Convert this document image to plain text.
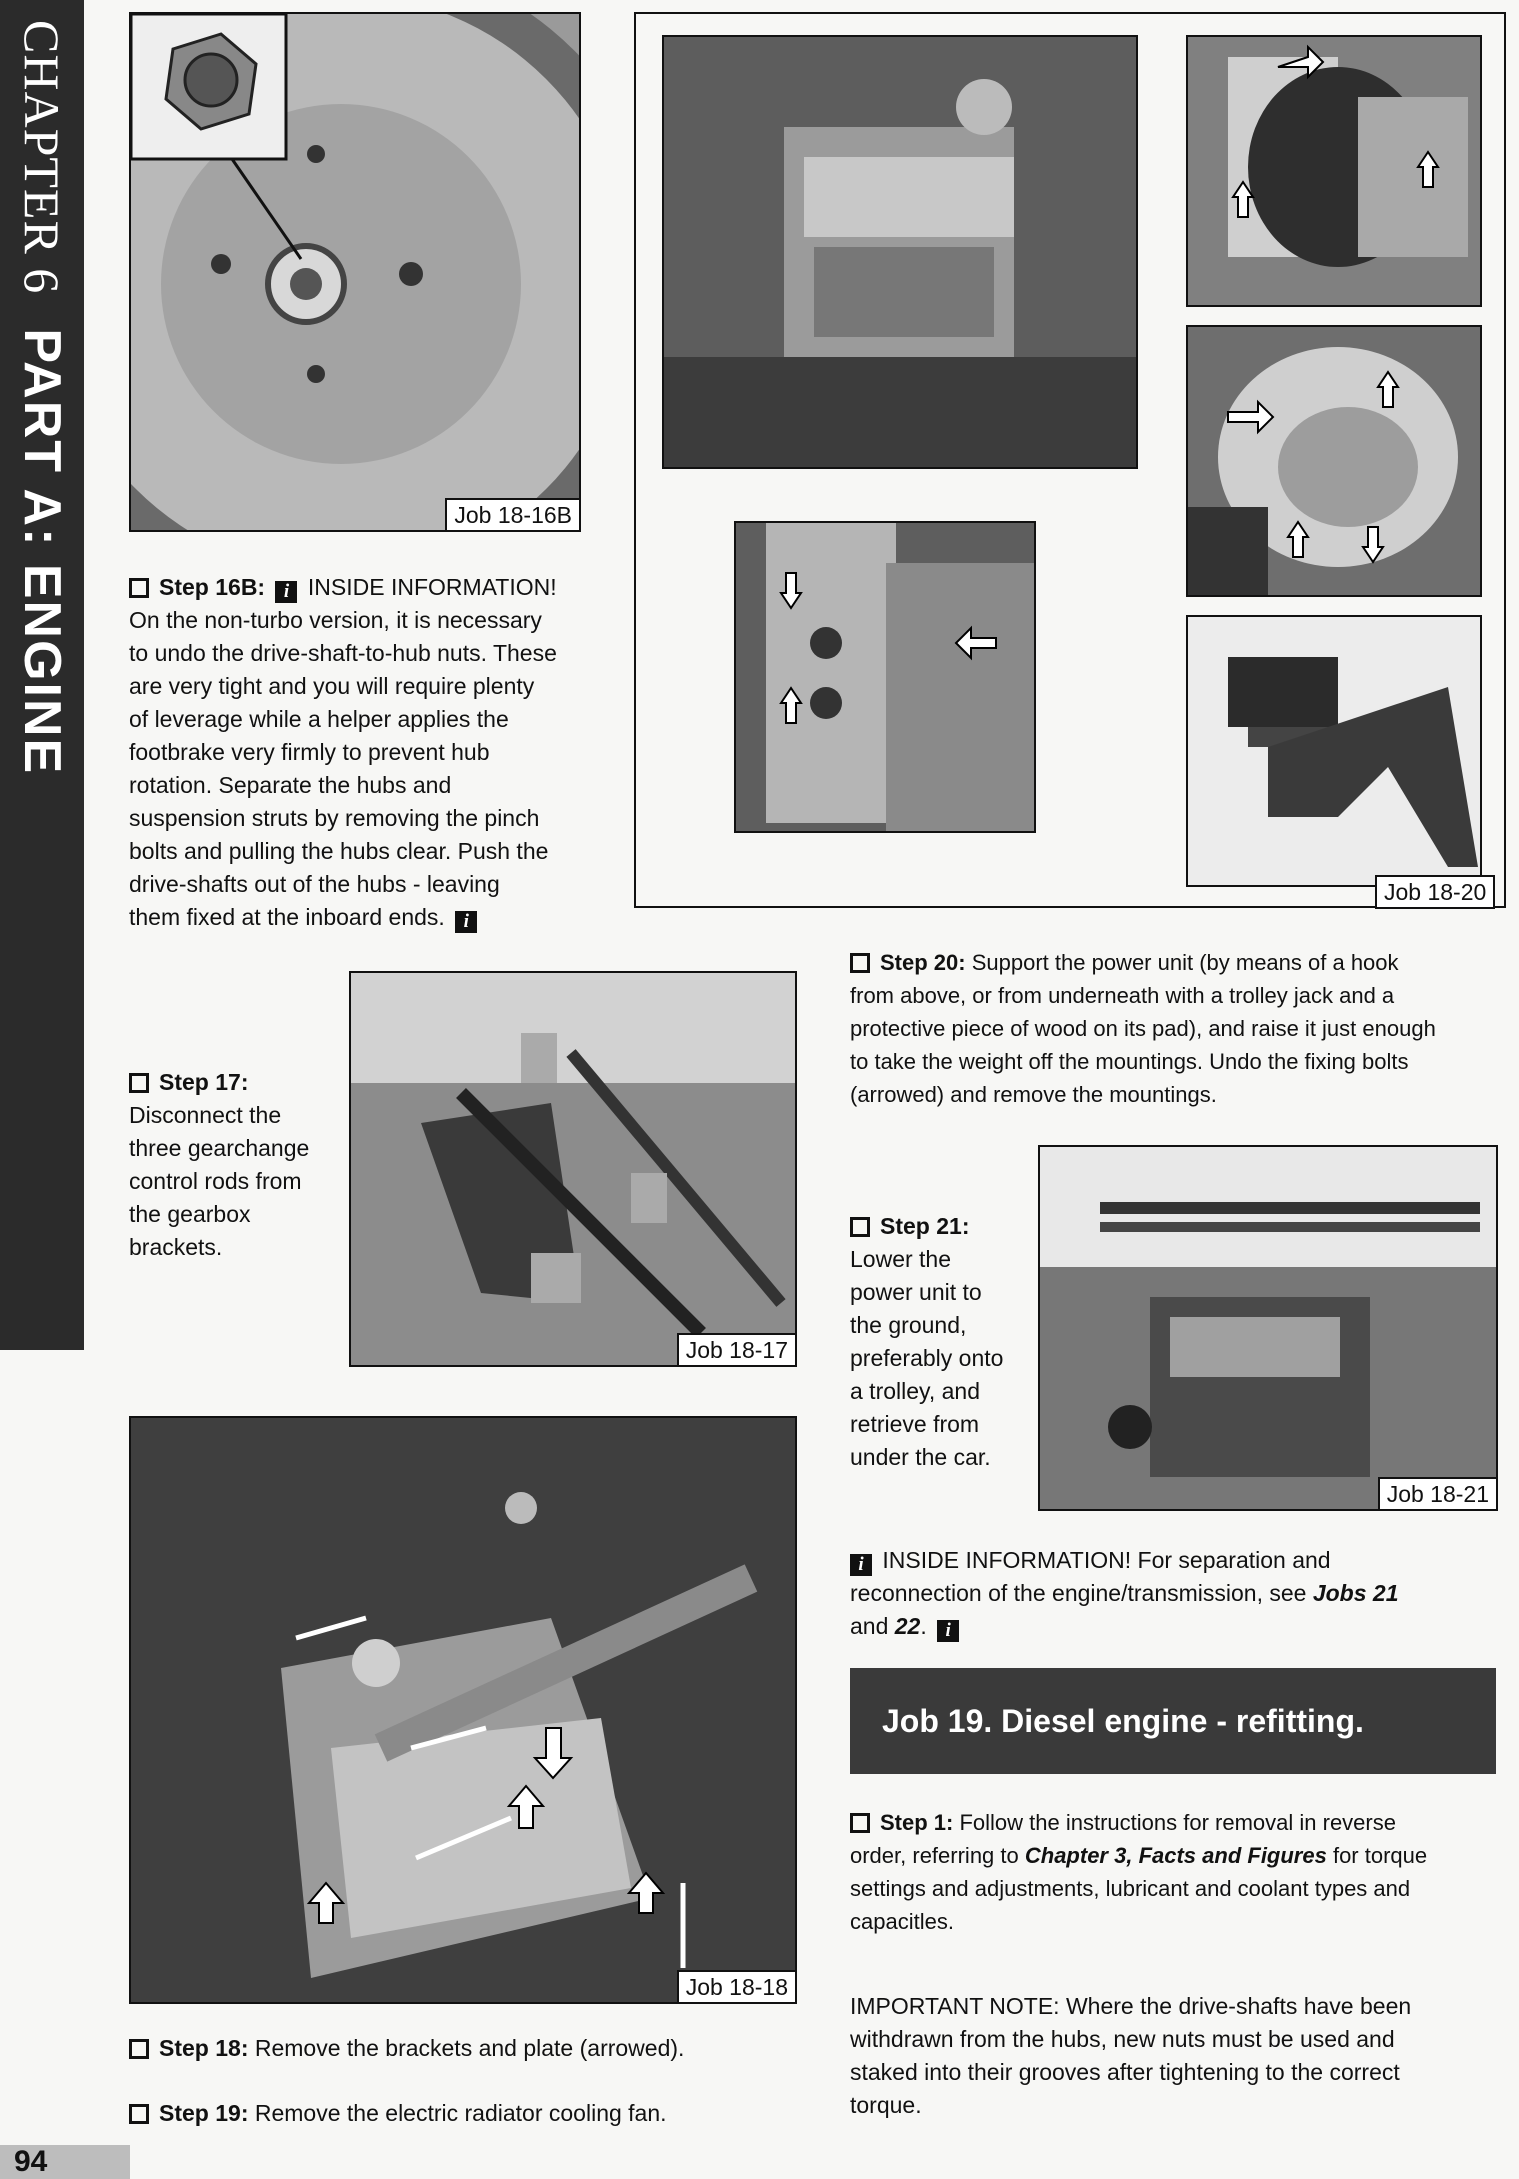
CHAPTER 6
PART A: ENGINE	Job 18-16B
Step 16B: i INSIDE INFORMATION!
On the non-turbo version, it is necessary
to undo the drive-shaft-to-hub nuts. These
are very tight and you will require plenty
of leverage while a helper applies the
footbrake very firmly to prevent hub
rotation. Separate the hubs and
suspension struts by removing the pinch
bolts and pulling the hubs clear. Push the
drive-shafts out of the hubs - leaving
them fixed at the inboard ends. i
Job 18-20
Job 18-17
Step 17:
Disconnect the
three gearchange
control rods from
the gearbox
brackets.
Job 18-18
Step 18: Remove the brackets and plate (arrowed).
Step 19: Remove the electric radiator cooling fan.
Step 20: Support the power unit (by means of a hook
from above, or from underneath with a trolley jack and a
protective piece of wood on its pad), and raise it just enough
to take the weight off the mountings. Undo the fixing bolts
(arrowed) and remove the mountings.
Job 18-21
Step 21:
Lower the
power unit to
the ground,
preferably onto
a trolley, and
retrieve from
under the car.
i INSIDE INFORMATION! For separation and
reconnection of the engine/transmission, see Jobs 21
and 22. i
Job 19. Diesel engine - refitting.
Step 1: Follow the instructions for removal in reverse
order, referring to Chapter 3, Facts and Figures for torque
settings and adjustments, lubricant and coolant types and
capacitles.
IMPORTANT NOTE: Where the drive-shafts have been
withdrawn from the hubs, new nuts must be used and
staked into their grooves after tightening to the correct
torque.
94
